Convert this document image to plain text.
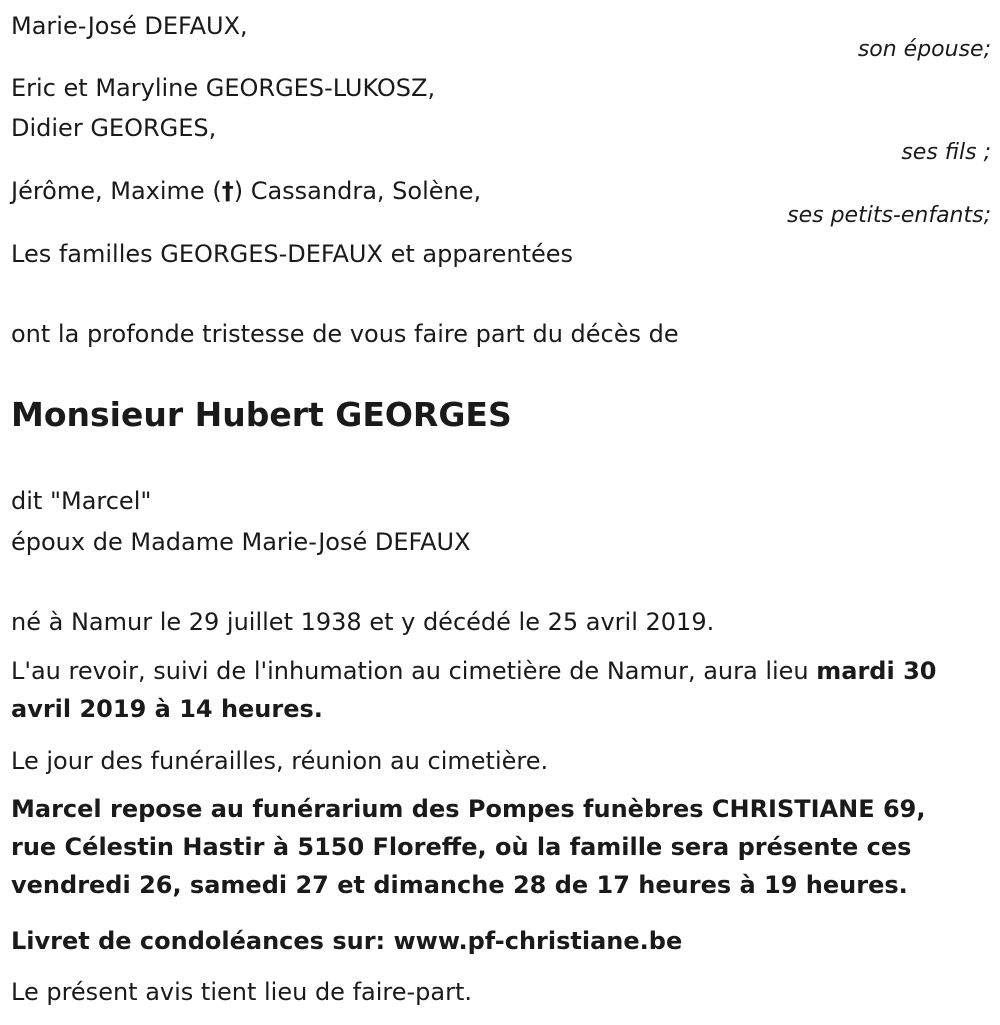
Marie-José DEFAUX,
son épouse;
Eric et Maryline GEORGES-LUKOSZ,
Didier GEORGES,
ses fils ;
Jérôme, Maxime (†) Cassandra, Solène,
ses petits-enfants;
Les familles GEORGES-DEFAUX et apparentées
ont la profonde tristesse de vous faire part du décès de
Monsieur Hubert GEORGES
dit "Marcel"
époux de Madame Marie-José DEFAUX
né à Namur le 29 juillet 1938 et y décédé le 25 avril 2019.
L'au revoir, suivi de l'inhumation au cimetière de Namur, aura lieu mardi 30 avril 2019 à 14 heures.
Le jour des funérailles, réunion au cimetière.
Marcel repose au funérarium des Pompes funèbres CHRISTIANE 69, rue Célestin Hastir à 5150 Floreffe, où la famille sera présente ces vendredi 26, samedi 27 et dimanche 28 de 17 heures à 19 heures.
Livret de condoléances sur: www.pf-christiane.be
Le présent avis tient lieu de faire-part.
